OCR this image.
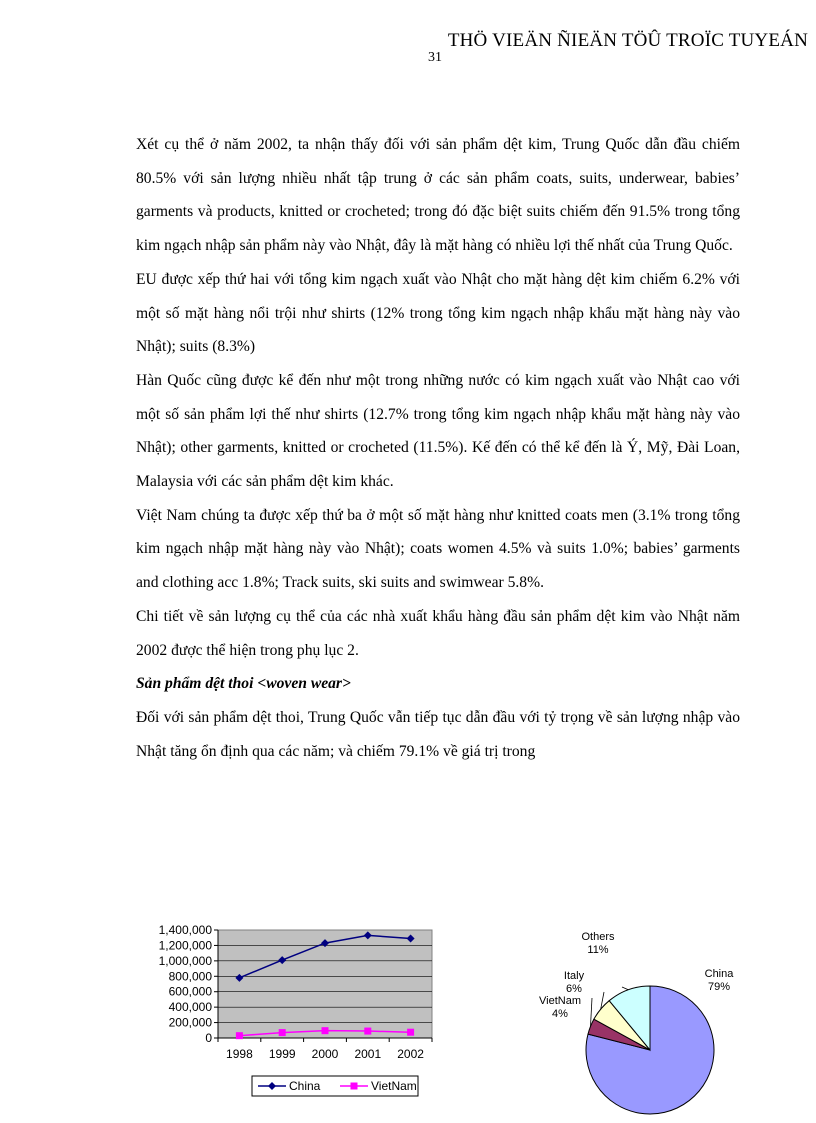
THÖ VIEÄN ÑIEÄN TÖÛ TROÏC TUYEÁN
31

Xét cụ thể ở năm 2002, ta nhận thấy đối với sản phẩm dệt kim, Trung Quốc dẫn đầu chiếm 80.5% với sản lượng nhiều nhất tập trung ở các sản phẩm coats, suits, underwear, babies’ garments và products, knitted or crocheted; trong đó đặc biệt suits chiếm đến 91.5% trong tổng kim ngạch nhập sản phẩm này vào Nhật, đây là mặt hàng có nhiều lợi thế nhất của Trung Quốc.

EU được xếp thứ hai với tổng kim ngạch xuất vào Nhật cho mặt hàng dệt kim chiếm 6.2% với một số mặt hàng nổi trội như shirts (12% trong tổng kim ngạch nhập khẩu mặt hàng này vào Nhật); suits (8.3%)

Hàn Quốc cũng được kể đến như một trong những nước có kim ngạch xuất vào Nhật cao với một số sản phẩm lợi thế như shirts (12.7% trong tổng kim ngạch nhập khẩu mặt hàng này vào Nhật); other garments, knitted or crocheted (11.5%). Kế đến có thể kể đến là Ý, Mỹ, Đài Loan, Malaysia với các sản phẩm dệt kim khác.

Việt Nam chúng ta được xếp thứ ba ở một số mặt hàng như knitted coats men (3.1% trong tổng kim ngạch nhập mặt hàng này vào Nhật); coats women 4.5% và suits 1.0%; babies’ garments and clothing acc 1.8%; Track suits, ski suits and swimwear 5.8%.

Chi tiết về sản lượng cụ thể của các nhà xuất khẩu hàng đầu sản phẩm dệt kim vào Nhật năm 2002 được thể hiện trong phụ lục 2.

Sản phẩm dệt thoi <woven wear>

Đối với sản phẩm dệt thoi, Trung Quốc vẫn tiếp tục dẫn đầu với tỷ trọng về sản lượng nhập vào Nhật tăng ổn định qua các năm; và chiếm 79.1% về giá trị trong

0
200,000
400,000
600,000
800,000
1,000,000
1,200,000
1,400,000
1998 1999 2000 2001 2002
China	VietNam
China
79%
VietNam
4%
Italy
6%
Others
11%
